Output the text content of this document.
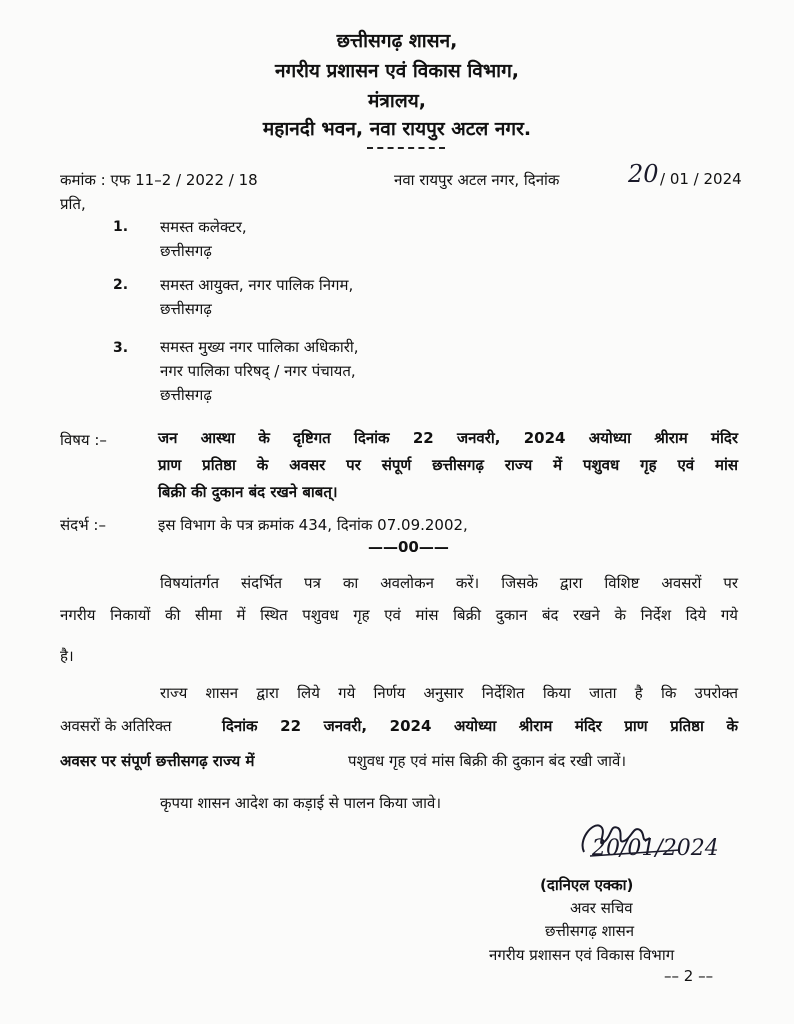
छत्तीसगढ़ शासन,
नगरीय प्रशासन एवं विकास विभाग,
मंत्रालय,
महानदी भवन, नवा रायपुर अटल नगर.
कमांक : एफ 11–2 / 2022 / 18	नवा रायपुर अटल नगर, दिनांक	20 / 01 / 2024
प्रति,
1. समस्त कलेक्टर,
छत्तीसगढ़
2. समस्त आयुक्त, नगर पालिक निगम,
छत्तीसगढ़
3. समस्त मुख्य नगर पालिका अधिकारी,
नगर पालिका परिषद् / नगर पंचायत,
छत्तीसगढ़
विषय :–	जन आस्था के दृष्टिगत दिनांक 22 जनवरी, 2024 अयोध्या श्रीराम मंदिर
प्राण प्रतिष्ठा के अवसर पर संपूर्ण छत्तीसगढ़ राज्य में पशुवध गृह एवं मांस
बिक्री की दुकान बंद रखने बाबत्।
संदर्भ :–	इस विभाग के पत्र क्रमांक 434, दिनांक 07.09.2002,
——00——
विषयांतर्गत संदर्भित पत्र का अवलोकन करें। जिसके द्वारा विशिष्ट अवसरों पर
नगरीय निकायों की सीमा में स्थित पशुवध गृह एवं मांस बिक्री दुकान बंद रखने के निर्देश दिये गये
है।
राज्य शासन द्वारा लिये गये निर्णय अनुसार निर्देशित किया जाता है कि उपरोक्त
अवसरों के अतिरिक्त	दिनांक 22 जनवरी, 2024 अयोध्या श्रीराम मंदिर प्राण प्रतिष्ठा के
अवसर पर संपूर्ण छत्तीसगढ़ राज्य में	पशुवध गृह एवं मांस बिक्री की दुकान बंद रखी जावें।
कृपया शासन आदेश का कड़ाई से पालन किया जावे।
20/01/2024
(दानिएल एक्का)
अवर सचिव
छत्तीसगढ़ शासन
नगरीय प्रशासन एवं विकास विभाग
–– 2 ––
